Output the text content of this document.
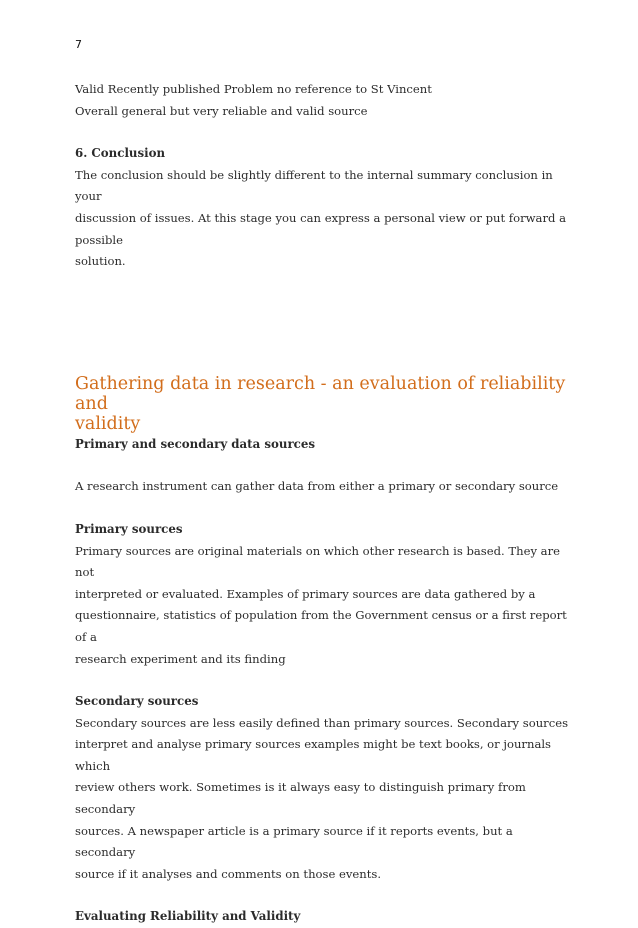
7

Valid Recently published Problem no reference to St Vincent

Overall general but very reliable and valid source

6. Conclusion

The conclusion should be slightly different to the internal summary conclusion in your

discussion of issues. At this stage you can express a personal view or put forward a possible

solution.

Gathering data in research - an evaluation of reliability and
validity
Primary and secondary data sources

A research instrument can gather data from either a primary or secondary source

Primary sources

Primary sources are original materials on which other research is based. They are not

interpreted or evaluated. Examples of primary sources are data gathered by a

questionnaire, statistics of population from the Government census or a first report of a

research experiment and its finding

Secondary sources

Secondary sources are less easily defined than primary sources. Secondary sources

interpret and analyse primary sources examples might be text books, or journals which

review others work. Sometimes is it always easy to distinguish primary from secondary

sources. A newspaper article is a primary source if it reports events, but a secondary

source if it analyses and comments on those events.

Evaluating Reliability and Validity
